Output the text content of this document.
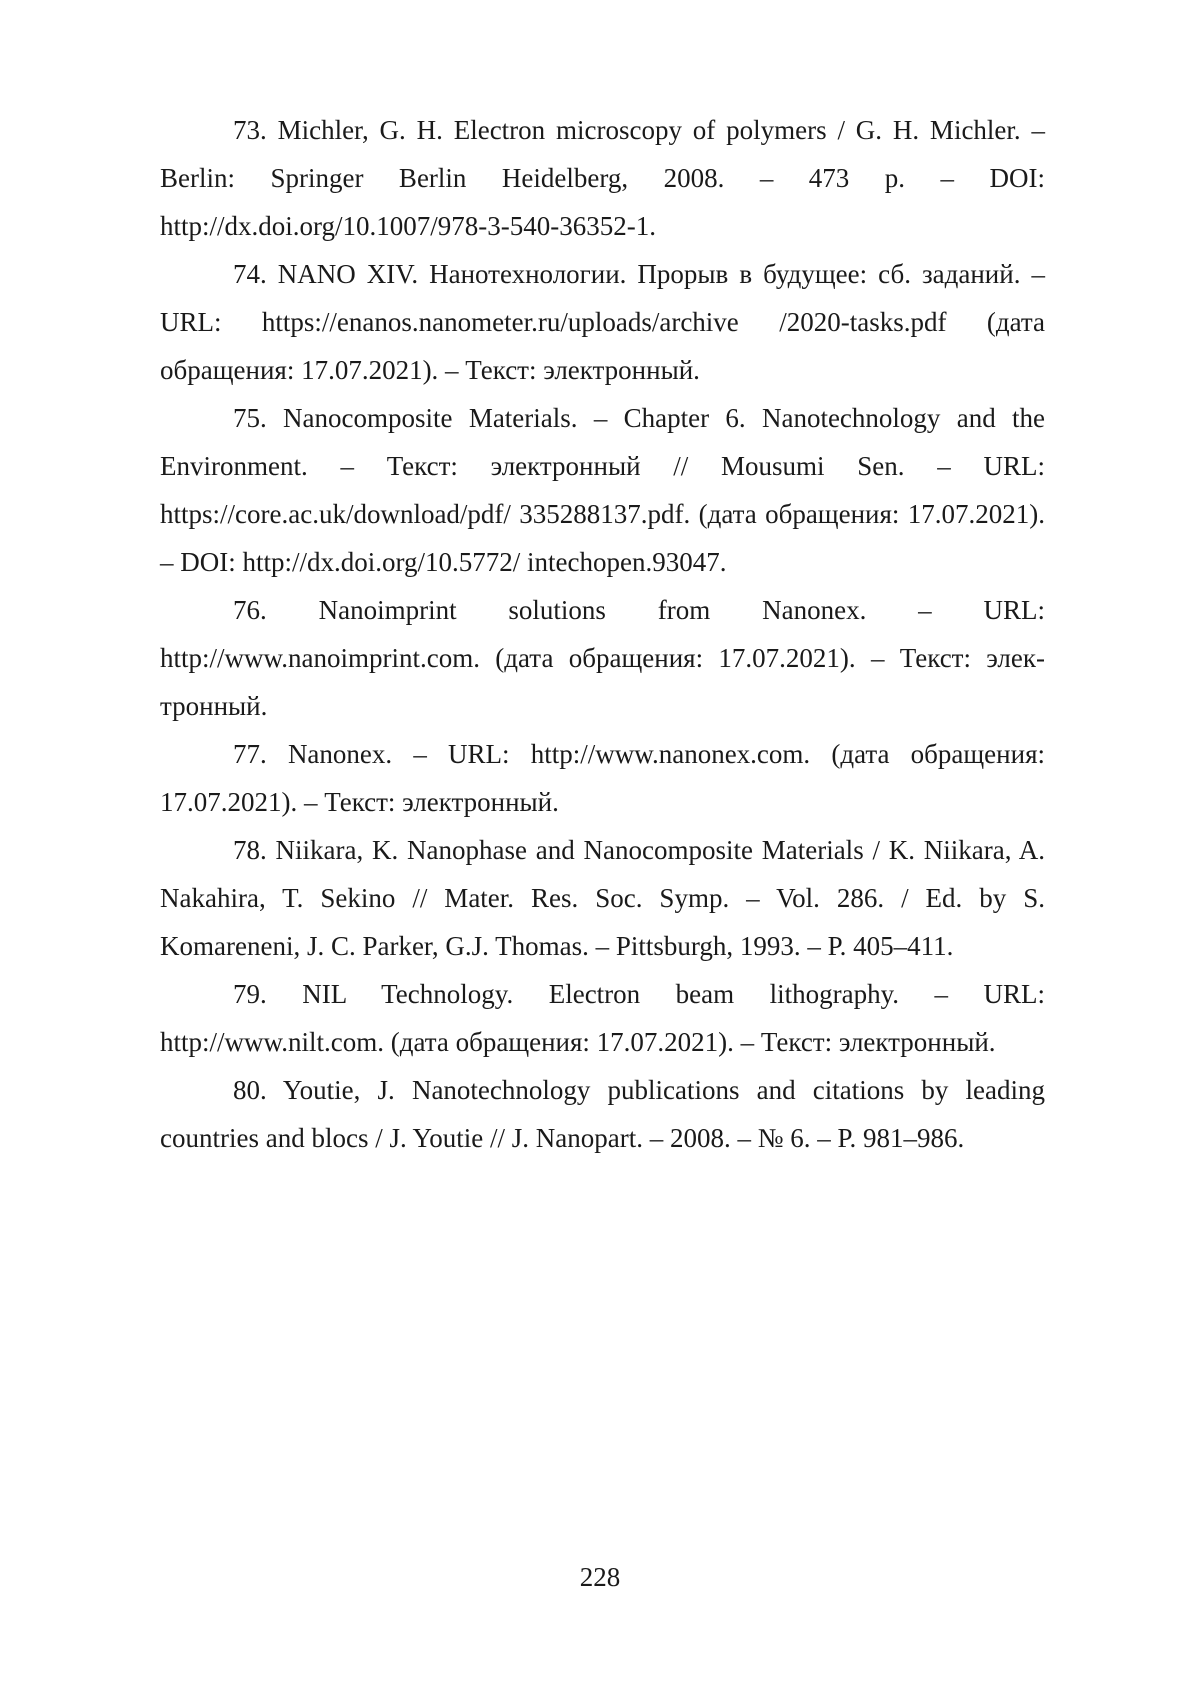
73. Michler, G. H. Electron microscopy of polymers / G. H. Michler. – Berlin: Springer Berlin Heidelberg, 2008. – 473 p. – DOI: http://dx.doi.org/10.1007/978-3-540-36352-1.

74. NANO XIV. Нанотехнологии. Прорыв в будущее: сб. заданий. – URL: https://enanos.nanometer.ru/uploads/archive /2020-tasks.pdf (дата обращения: 17.07.2021). – Текст: электронный.

75. Nanocomposite Materials. – Chapter 6. Nanotechnology and the Environment. – Текст: электронный // Mousumi Sen. – URL: https://core.ac.uk/download/pdf/ 335288137.pdf. (дата обращения: 17.07.2021). – DOI: http://dx.doi.org/10.5772/ intechopen.93047.

76. Nanoimprint solutions from Nanonex. – URL: http://www.nanoimprint.com. (дата обращения: 17.07.2021). – Текст: электронный.

77. Nanonex. – URL: http://www.nanonex.com. (дата обращения: 17.07.2021). – Текст: электронный.

78. Niikara, K. Nanophase and Nanocomposite Materials / K. Niikara, A. Nakahira, T. Sekino // Mater. Res. Soc. Symp. – Vol. 286. / Ed. by S. Komareneni, J. C. Parker, G.J. Thomas. – Pittsburgh, 1993. – P. 405–411.

79. NIL Technology. Electron beam lithography. – URL: http://www.nilt.com. (дата обращения: 17.07.2021). – Текст: электронный.

80. Youtie, J. Nanotechnology publications and citations by leading countries and blocs / J. Youtie // J. Nanopart. – 2008. – № 6. – P. 981–986.

228
